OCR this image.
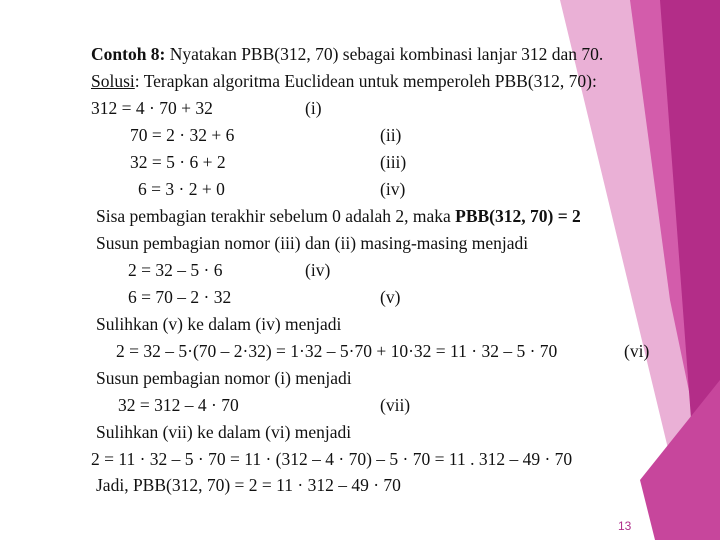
Contoh 8: Nyatakan PBB(312, 70) sebagai kombinasi lanjar 312 dan 70.
Solusi: Terapkan algoritma Euclidean untuk memperoleh PBB(312, 70):
312 = 4 · 70 + 32	(i)
70 = 2 · 32 + 6	(ii)
32 = 5 · 6 + 2	(iii)
6 = 3 · 2 + 0	(iv)
Sisa pembagian terakhir sebelum 0 adalah 2, maka PBB(312, 70) = 2
Susun pembagian nomor (iii) dan (ii) masing-masing menjadi
2 = 32 – 5 · 6	(iv)
6 = 70 – 2 · 32	(v)
Sulihkan (v) ke dalam (iv) menjadi
2 = 32 – 5·(70 – 2·32) = 1·32 – 5·70 + 10·32 = 11 · 32 – 5 · 70	(vi)
Susun pembagian nomor (i) menjadi
32 = 312 – 4 · 70	(vii)
Sulihkan (vii) ke dalam (vi) menjadi
2 = 11 · 32 – 5 · 70 = 11 · (312 – 4 · 70) – 5 · 70 = 11 . 312 – 49 · 70
Jadi, PBB(312, 70) = 2 = 11 · 312 – 49 · 70
13
